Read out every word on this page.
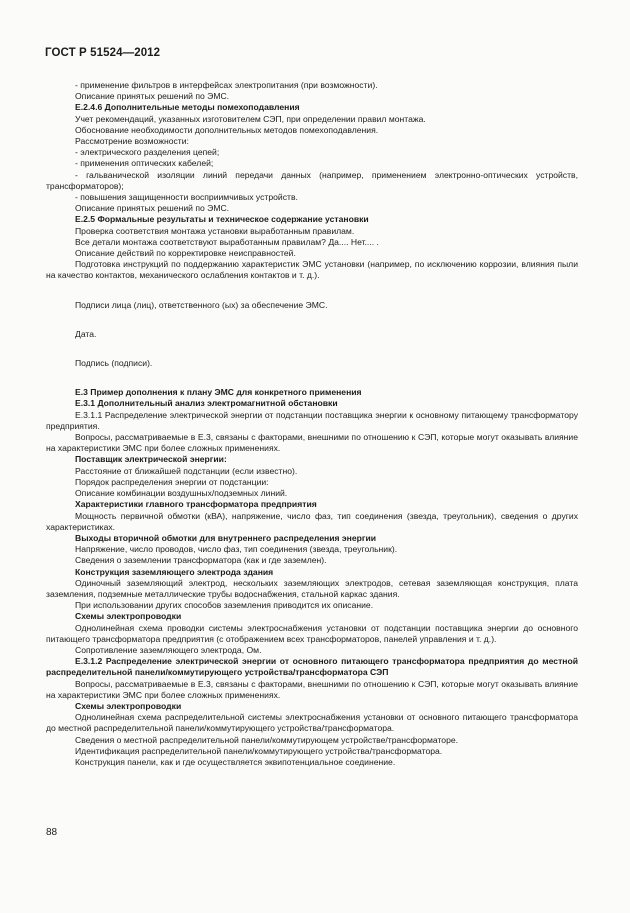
ГОСТ Р 51524—2012
- применение фильтров в интерфейсах электропитания (при возможности).
Описание принятых решений по ЭМС.
Е.2.4.6 Дополнительные методы помехоподавления
Учет рекомендаций, указанных изготовителем СЭП, при определении правил монтажа.
Обоснование необходимости дополнительных методов помехоподавления.
Рассмотрение возможности:
- электрического разделения цепей;
- применения оптических кабелей;
- гальванической изоляции линий передачи данных (например, применением электронно-оптических устройств, трансформаторов);
- повышения защищенности восприимчивых устройств.
Описание принятых решений по ЭМС.
Е.2.5 Формальные результаты и техническое содержание установки
Проверка соответствия монтажа установки выработанным правилам.
Все детали монтажа соответствуют выработанным правилам? Да.... Нет.... .
Описание действий по корректировке неисправностей.
Подготовка инструкций по поддержанию характеристик ЭМС установки (например, по исключению коррозии, влияния пыли на качество контактов, механического ослабления контактов и т. д.).
Подписи лица (лиц), ответственного (ых) за обеспечение ЭМС.
Дата.
Подпись (подписи).
Е.3 Пример дополнения к плану ЭМС для конкретного применения
Е.3.1 Дополнительный анализ электромагнитной обстановки
Е.3.1.1 Распределение электрической энергии от подстанции поставщика энергии к основному питающему трансформатору предприятия.
Вопросы, рассматриваемые в Е.3, связаны с факторами, внешними по отношению к СЭП, которые могут оказывать влияние на характеристики ЭМС при более сложных применениях.
Поставщик электрической энергии:
Расстояние от ближайшей подстанции (если известно).
Порядок распределения энергии от подстанции:
Описание комбинации воздушных/подземных линий.
Характеристики главного трансформатора предприятия
Мощность первичной обмотки (кВА), напряжение, число фаз, тип соединения (звезда, треугольник), сведения о других характеристиках.
Выходы вторичной обмотки для внутреннего распределения энергии
Напряжение, число проводов, число фаз, тип соединения (звезда, треугольник).
Сведения о заземлении трансформатора (как и где заземлен).
Конструкция заземляющего электрода здания
Одиночный заземляющий электрод, нескольких заземляющих электродов, сетевая заземляющая конструкция, плата заземления, подземные металлические трубы водоснабжения, стальной каркас здания.
При использовании других способов заземления приводится их описание.
Схемы электропроводки
Однолинейная схема проводки системы электроснабжения установки от подстанции поставщика энергии до основного питающего трансформатора предприятия (с отображением всех трансформаторов, панелей управления и т. д.).
Сопротивление заземляющего электрода, Ом.
Е.3.1.2 Распределение электрической энергии от основного питающего трансформатора предприятия до местной распределительной панели/коммутирующего устройства/трансформатора СЭП
Вопросы, рассматриваемые в Е.3, связаны с факторами, внешними по отношению к СЭП, которые могут оказывать влияние на характеристики ЭМС при более сложных применениях.
Схемы электропроводки
Однолинейная схема распределительной системы электроснабжения установки от основного питающего трансформатора до местной распределительной панели/коммутирующего устройства/трансформатора.
Сведения о местной распределительной панели/коммутирующем устройстве/трансформаторе.
Идентификация распределительной панели/коммутирующего устройства/трансформатора.
Конструкция панели, как и где осуществляется эквипотенциальное соединение.
88
